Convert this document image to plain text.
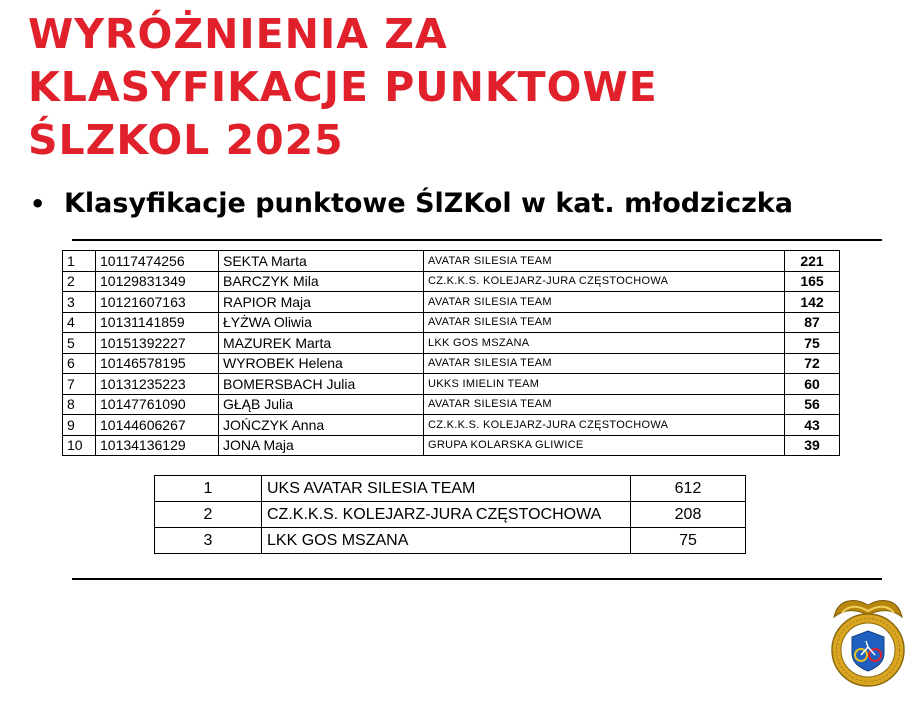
WYRÓŻNIENIA ZA
KLASYFIKACJE PUNKTOWE
ŚLZKOL 2025
• Klasyfikacje punktowe ŚlZKol w kat. młodziczka
1	10117474256	SEKTA Marta	AVATAR SILESIA TEAM	221
2	10129831349	BARCZYK Mila	CZ.K.K.S. KOLEJARZ-JURA CZĘSTOCHOWA	165
3	10121607163	RAPIOR Maja	AVATAR SILESIA TEAM	142
4	10131141859	ŁYŻWA Oliwia	AVATAR SILESIA TEAM	87
5	10151392227	MAZUREK Marta	LKK GOS MSZANA	75
6	10146578195	WYROBEK Helena	AVATAR SILESIA TEAM	72
7	10131235223	BOMERSBACH Julia	UKKS IMIELIN TEAM	60
8	10147761090	GŁĄB Julia	AVATAR SILESIA TEAM	56
9	10144606267	JOŃCZYK Anna	CZ.K.K.S. KOLEJARZ-JURA CZĘSTOCHOWA	43
10	10134136129	JONA Maja	GRUPA KOLARSKA GLIWICE	39
1	UKS AVATAR SILESIA TEAM	612
2	CZ.K.K.S. KOLEJARZ-JURA CZĘSTOCHOWA	208
3	LKK GOS MSZANA	75
